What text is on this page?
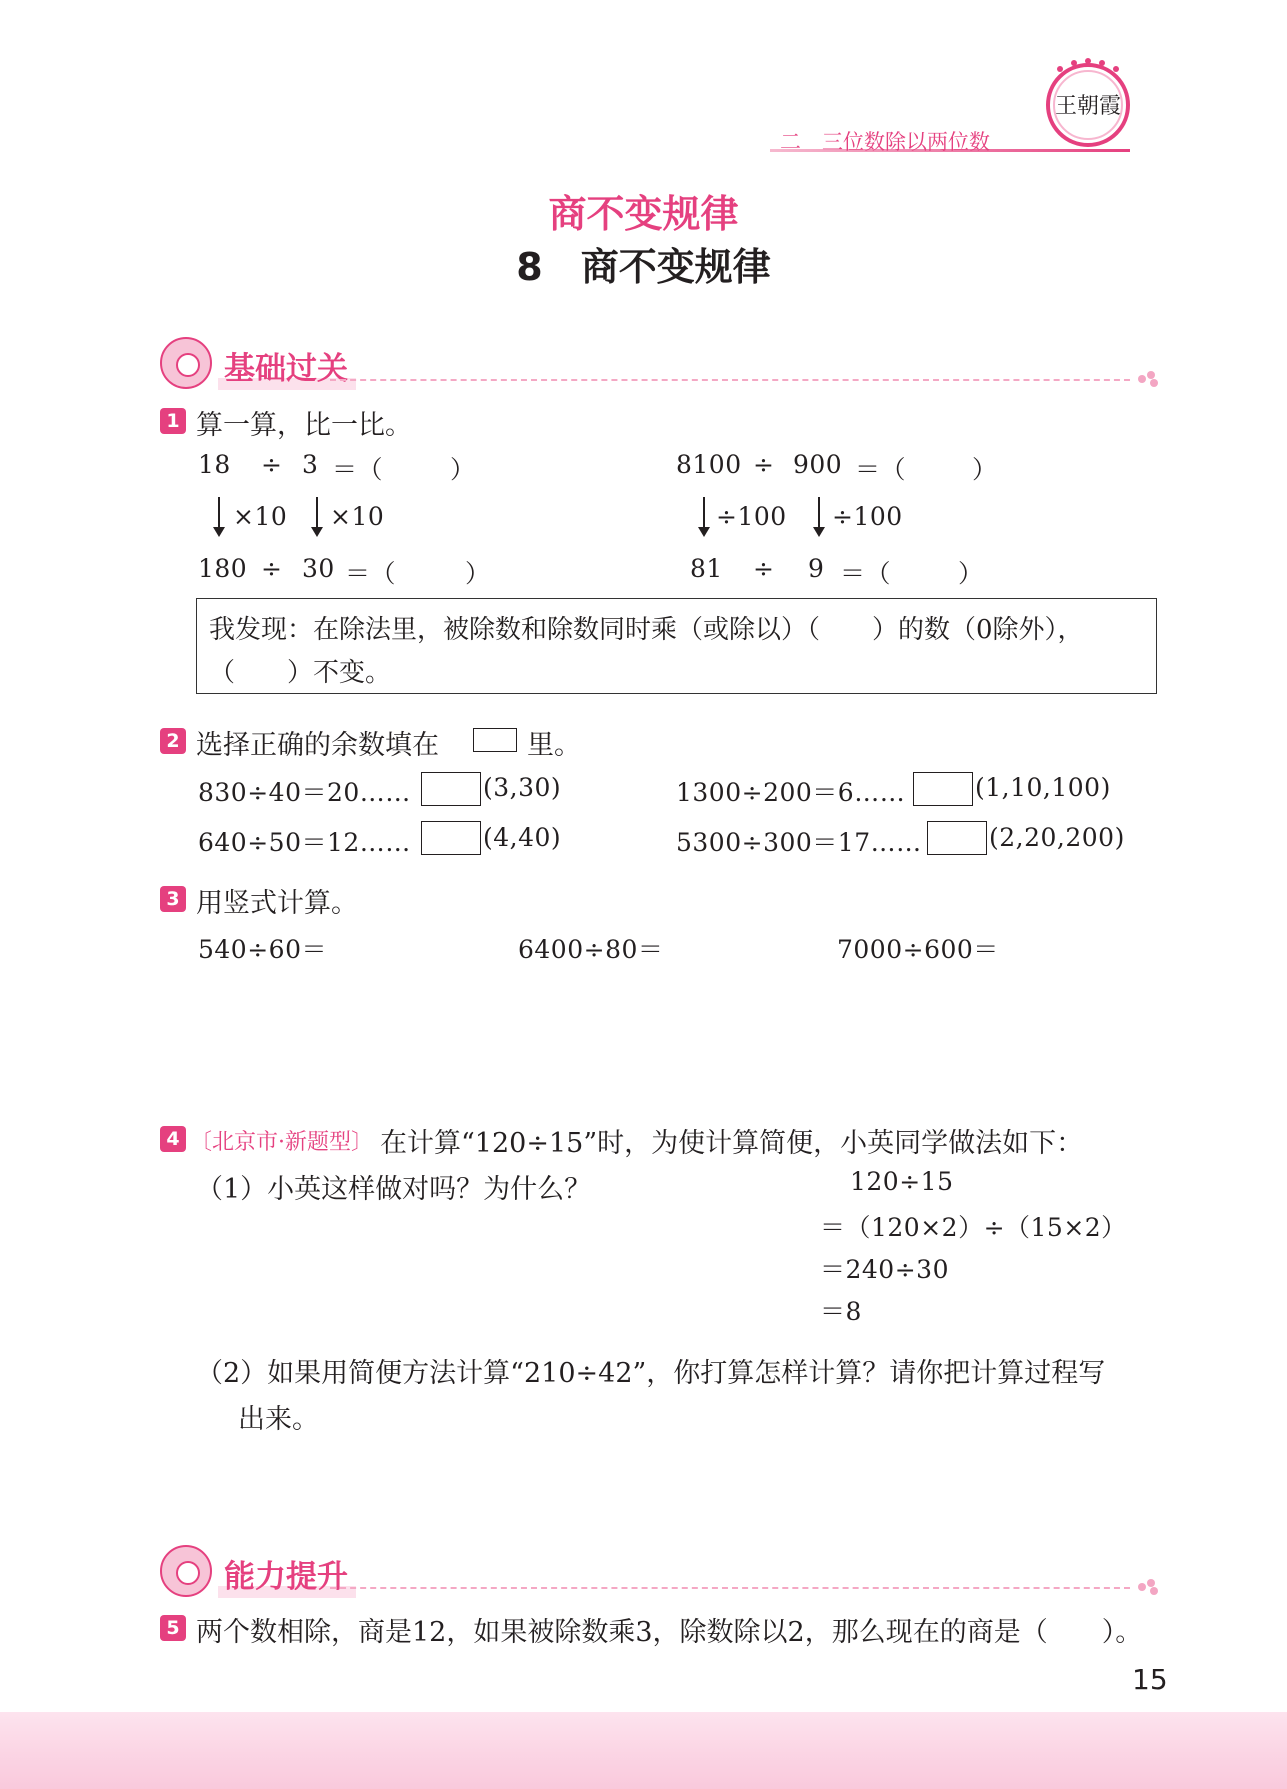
二　三位数除以两位数
王朝霞
商不变规律
8　商不变规律
基础过关
1 算一算，比一比。
18 ÷ 3 ＝（	）
×10 ×10
180 ÷ 30 ＝（	）
8100 ÷ 900 ＝（	）
÷100 ÷100
81 ÷ 9 ＝（	）
我发现：在除法里，被除数和除数同时乘（或除以）（　　）的数（0除外），
（　　）不变。
2 选择正确的余数填在	里。
830÷40＝20……	(3,30)	1300÷200＝6……	(1,10,100)
640÷50＝12……	(4,40)	5300÷300＝17……	(2,20,200)
3 用竖式计算。
540÷60＝	6400÷80＝	7000÷600＝
4 〔北京市·新题型〕 在计算“120÷15”时，为使计算简便，小英同学做法如下：
（1）小英这样做对吗？为什么？	120÷15
＝（120×2）÷（15×2）
＝240÷30
＝8
（2）如果用简便方法计算“210÷42”，你打算怎样计算？请你把计算过程写
出来。
能力提升
5 两个数相除，商是12，如果被除数乘3，除数除以2，那么现在的商是（　　）。
15
